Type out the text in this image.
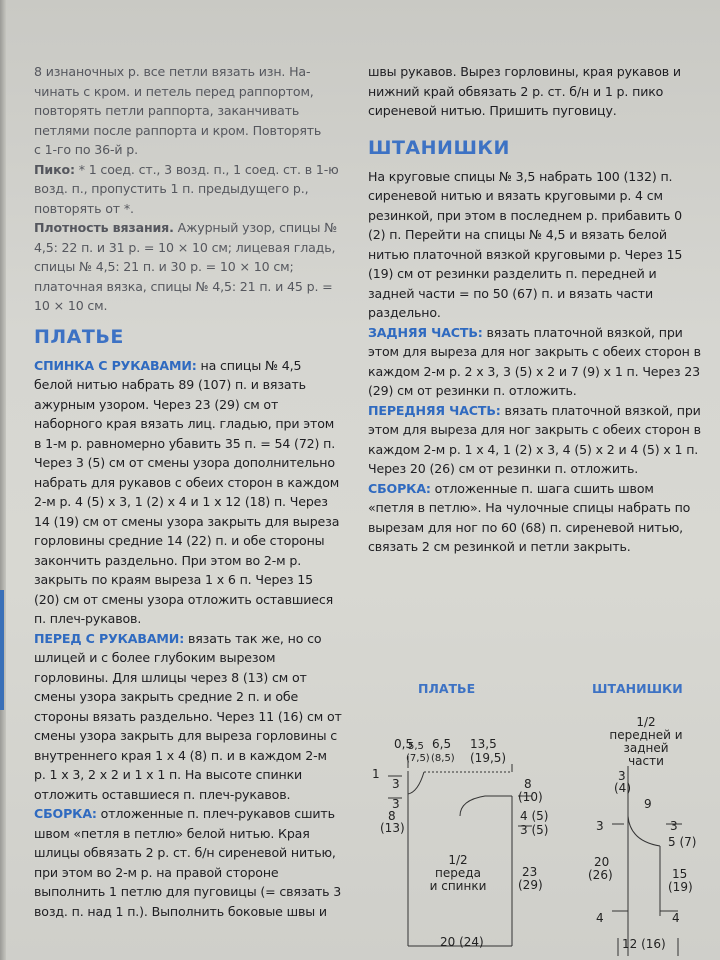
8 изнаночных р. все петли вязать изн. На-

чинать с кром. и петель перед раппортом,

повторять петли раппорта, заканчивать

петлями после раппорта и кром. Повторять

с 1-го по 36-й р.

Пико: * 1 соед. ст., 3 возд. п., 1 соед. ст. в 1-ю возд. п., пропустить 1 п. предыдущего р., повторять от *.

Плотность вязания. Ажурный узор, спицы № 4,5: 22 п. и 31 р. = 10 × 10 см; лицевая гладь, спицы № 4,5: 21 п. и 30 р. = 10 × 10 см; платочная вязка, спицы № 4,5: 21 п. и 45 р. = 10 × 10 см.

ПЛАТЬЕ

СПИНКА С РУКАВАМИ: на спицы № 4,5 белой нитью набрать 89 (107) п. и вязать ажурным узором. Через 23 (29) см от наборного края вязать лиц. гладью, при этом в 1-м р. равномерно убавить 35 п. = 54 (72) п. Через 3 (5) см от смены узора дополнительно набрать для рукавов с обеих сторон в каждом 2-м р. 4 (5) х 3, 1 (2) х 4 и 1 х 12 (18) п. Через 14 (19) см от смены узора закрыть для выреза горловины средние 14 (22) п. и обе стороны закончить раздельно. При этом во 2-м р. закрыть по краям выреза 1 х 6 п. Через 15 (20) см от смены узора отложить оставшиеся п. плеч-рукавов.

ПЕРЕД С РУКАВАМИ: вязать так же, но со шлицей и с более глубоким вырезом горловины. Для шлицы через 8 (13) см от смены узора закрыть средние 2 п. и обе стороны вязать раздельно. Через 11 (16) см от смены узора закрыть для выреза горловины с внутреннего края 1 х 4 (8) п. и в каждом 2-м р. 1 х 3, 2 х 2 и 1 х 1 п. На высоте спинки отложить оставшиеся п. плеч-рукавов.

СБОРКА: отложенные п. плеч-рукавов сшить швом «петля в петлю» белой нитью. Края шлицы обвязать 2 р. ст. б/н сиреневой нитью, при этом во 2-м р. на правой стороне выполнить 1 петлю для пуговицы (= связать 3 возд. п. над 1 п.). Выполнить боковые швы и

швы рукавов. Вырез горловины, края рукавов и нижний край обвязать 2 р. ст. б/н и 1 р. пико сиреневой нитью. Пришить пуговицу.

ШТАНИШКИ

На круговые спицы № 3,5 набрать 100 (132) п. сиреневой нитью и вязать круговыми р. 4 см резинкой, при этом в последнем р. прибавить 0 (2) п. Перейти на спицы № 4,5 и вязать белой нитью платочной вязкой круговыми р. Через 15 (19) см от резинки разделить п. передней и задней части = по 50 (67) п. и вязать части раздельно.

ЗАДНЯЯ ЧАСТЬ: вязать платочной вязкой, при этом для выреза для ног закрыть с обеих сторон в каждом 2-м р. 2 х 3, 3 (5) х 2 и 7 (9) х 1 п. Через 23 (29) см от резинки п. отложить.

ПЕРЕДНЯЯ ЧАСТЬ: вязать платочной вязкой, при этом для выреза для ног закрыть с обеих сторон в каждом 2-м р. 1 х 4, 1 (2) х 3, 4 (5) х 2 и 4 (5) х 1 п. Через 20 (26) см от резинки п. отложить.

СБОРКА: отложенные п. шага сшить швом «петля в петлю». На чулочные спицы набрать по вырезам для ног по 60 (68) п. сиреневой нитью, связать 2 см резинкой и петли закрыть.

ПЛАТЬЕ
0,5
5,5 6,5 13,5
(7,5) (8,5) (19,5)
1
3
3
8
(13)
8
(10)
4 (5)
3 (5)
23
(29)
1/2
переда
и спинки
20 (24)
ШТАНИШКИ
1/2
передней и
задней части
3
(4)
9
3
20
(26)
4
3
5 (7)
15
(19)
4
12 (16)
